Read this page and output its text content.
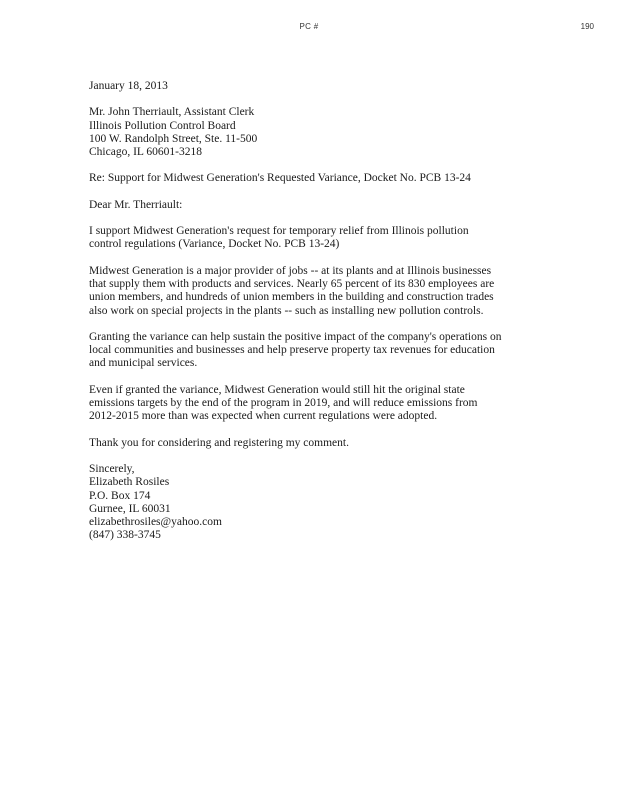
PC #	190
January 18, 2013
Mr. John Therriault, Assistant Clerk
Illinois Pollution Control Board
100 W. Randolph Street, Ste. 11-500
Chicago, IL 60601-3218
Re: Support for Midwest Generation's Requested Variance, Docket No. PCB 13-24
Dear Mr. Therriault:
I support Midwest Generation's request for temporary relief from Illinois pollution
control regulations (Variance, Docket No. PCB 13-24)
Midwest Generation is a major provider of jobs -- at its plants and at Illinois businesses
that supply them with products and services. Nearly 65 percent of its 830 employees are
union members, and hundreds of union members in the building and construction trades
also work on special projects in the plants -- such as installing new pollution controls.
Granting the variance can help sustain the positive impact of the company's operations on
local communities and businesses and help preserve property tax revenues for education
and municipal services.
Even if granted the variance, Midwest Generation would still hit the original state
emissions targets by the end of the program in 2019, and will reduce emissions from
2012-2015 more than was expected when current regulations were adopted.
Thank you for considering and registering my comment.
Sincerely,
Elizabeth Rosiles
P.O. Box 174
Gurnee, IL 60031
elizabethrosiles@yahoo.com
(847) 338-3745
